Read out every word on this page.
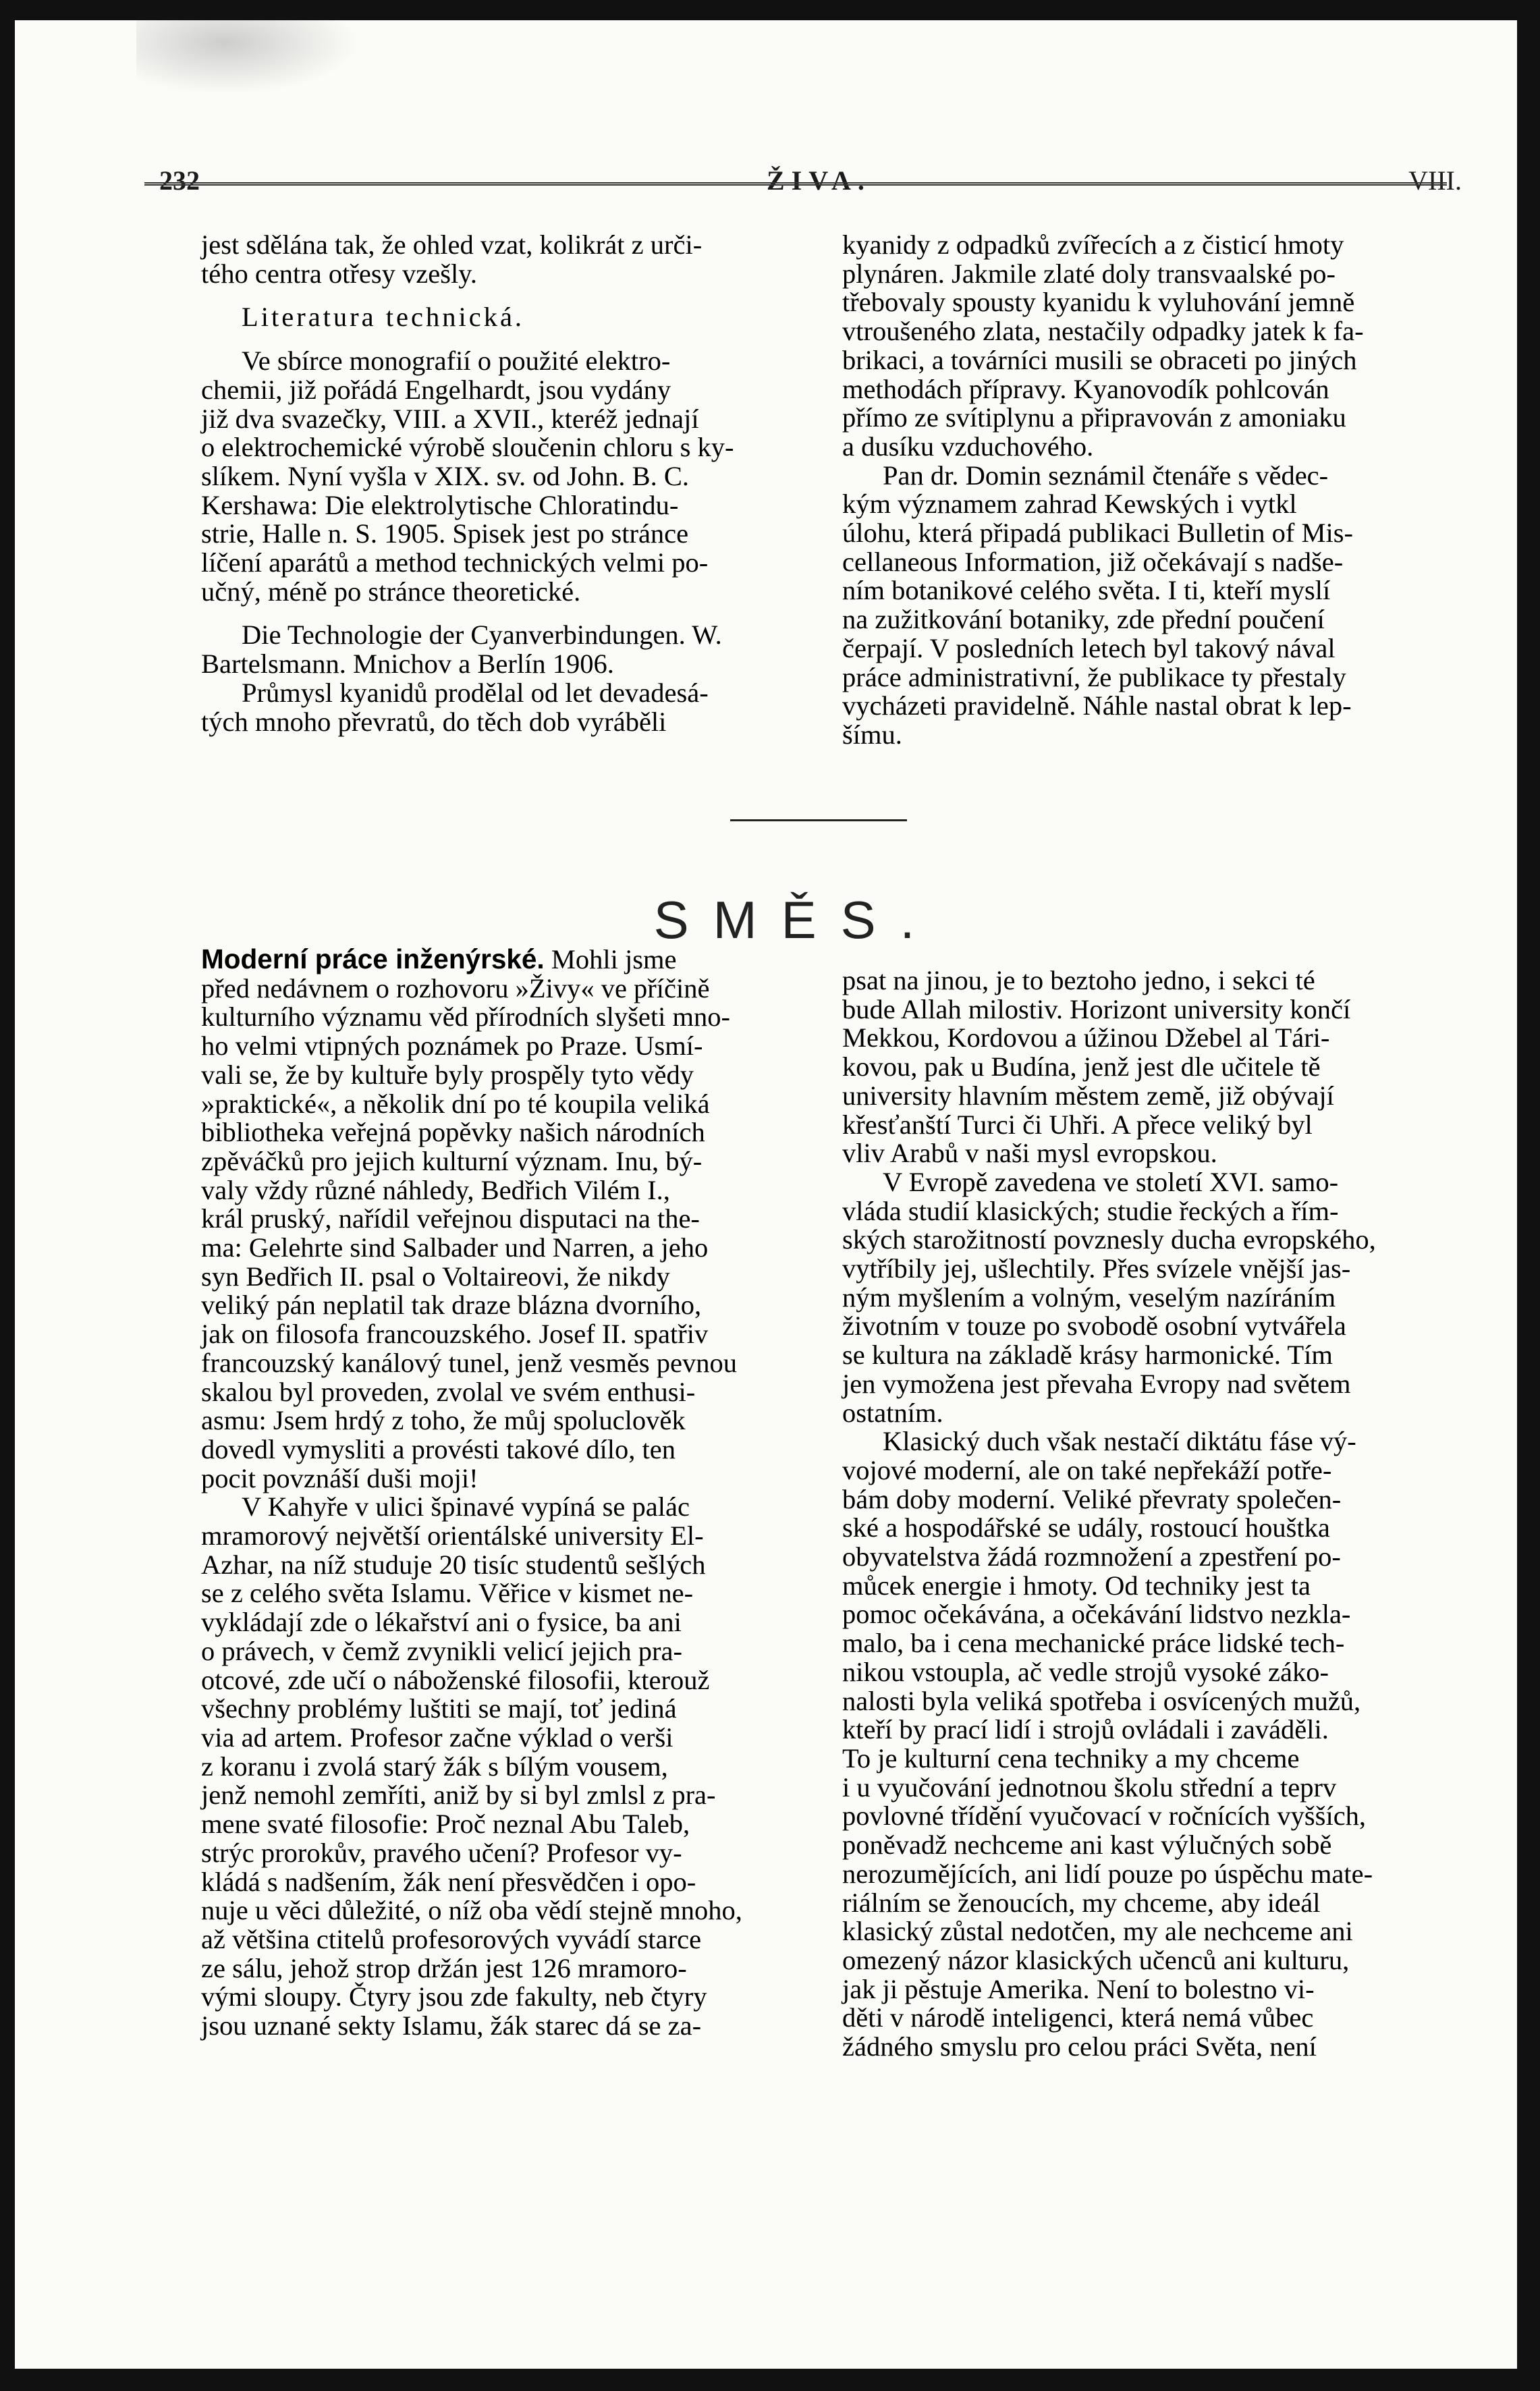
232	ŽIVA.	VIII.

jest sdělána tak, že ohled vzat, kolikrát z urči-

tého centra otřesy vzešly.

Literatura technická.

Ve sbírce monografií o použité elektro-

chemii, již pořádá Engelhardt, jsou vydány

již dva svazečky, VIII. a XVII., kteréž jednají

o elektrochemické výrobě sloučenin chloru s ky-

slíkem. Nyní vyšla v XIX. sv. od John. B. C.

Kershawa: Die elektrolytische Chloratindu-

strie, Halle n. S. 1905. Spisek jest po stránce

líčení aparátů a method technických velmi po-

učný, méně po stránce theoretické.

Die Technologie der Cyanverbindungen. W.

Bartelsmann. Mnichov a Berlín 1906.

Průmysl kyanidů prodělal od let devadesá-

tých mnoho převratů, do těch dob vyráběli

kyanidy z odpadků zvířecích a z čisticí hmoty

plynáren. Jakmile zlaté doly transvaalské po-

třebovaly spousty kyanidu k vyluhování jemně

vtroušeného zlata, nestačily odpadky jatek k fa-

brikaci, a továrníci musili se obraceti po jiných

methodách přípravy. Kyanovodík pohlcován

přímo ze svítiplynu a připravován z amoniaku

a dusíku vzduchového.

Pan dr. Domin seznámil čtenáře s vědec-

kým významem zahrad Kewských i vytkl

úlohu, která připadá publikaci Bulletin of Mis-

cellaneous Information, již očekávají s nadše-

ním botanikové celého světa. I ti, kteří myslí

na zužitkování botaniky, zde přední poučení

čerpají. V posledních letech byl takový nával

práce administrativní, že publikace ty přestaly

vycházeti pravidelně. Náhle nastal obrat k lep-

šímu.

SMĚS.

Moderní práce inženýrské. Mohli jsme

před nedávnem o rozhovoru »Živy« ve příčině

kulturního významu věd přírodních slyšeti mno-

ho velmi vtipných poznámek po Praze. Usmí-

vali se, že by kultuře byly prospěly tyto vědy

»praktické«, a několik dní po té koupila veliká

bibliotheka veřejná popěvky našich národních

zpěváčků pro jejich kulturní význam. Inu, bý-

valy vždy různé náhledy, Bedřich Vilém I.,

král pruský, nařídil veřejnou disputaci na the-

ma: Gelehrte sind Salbader und Narren, a jeho

syn Bedřich II. psal o Voltaireovi, že nikdy

veliký pán neplatil tak draze blázna dvorního,

jak on filosofa francouzského. Josef II. spatřiv

francouzský kanálový tunel, jenž vesměs pevnou

skalou byl proveden, zvolal ve svém enthusi-

asmu: Jsem hrdý z toho, že můj spoluclověk

dovedl vymysliti a provésti takové dílo, ten

pocit povznáší duši moji!

V Kahyře v ulici špinavé vypíná se palác

mramorový největší orientálské university El-

Azhar, na níž studuje 20 tisíc studentů sešlých

se z celého světa Islamu. Věřice v kismet ne-

vykládají zde o lékařství ani o fysice, ba ani

o právech, v čemž zvynikli velicí jejich pra-

otcové, zde učí o náboženské filosofii, kterouž

všechny problémy luštiti se mají, toť jediná

via ad artem. Profesor začne výklad o verši

z koranu i zvolá starý žák s bílým vousem,

jenž nemohl zemříti, aniž by si byl zmlsl z pra-

mene svaté filosofie: Proč neznal Abu Taleb,

strýc prorokův, pravého učení? Profesor vy-

kládá s nadšením, žák není přesvědčen i opo-

nuje u věci důležité, o níž oba vědí stejně mnoho,

až většina ctitelů profesorových vyvádí starce

ze sálu, jehož strop držán jest 126 mramoro-

vými sloupy. Čtyry jsou zde fakulty, neb čtyry

jsou uznané sekty Islamu, žák starec dá se za-

psat na jinou, je to beztoho jedno, i sekci té

bude Allah milostiv. Horizont university končí

Mekkou, Kordovou a úžinou Džebel al Tári-

kovou, pak u Budína, jenž jest dle učitele tě

university hlavním městem země, již obývají

křesťanští Turci či Uhři. A přece veliký byl

vliv Arabů v naši mysl evropskou.

V Evropě zavedena ve století XVI. samo-

vláda studií klasických; studie řeckých a řím-

ských starožitností povznesly ducha evropského,

vytříbily jej, ušlechtily. Přes svízele vnější jas-

ným myšlením a volným, veselým nazíráním

životním v touze po svobodě osobní vytvářela

se kultura na základě krásy harmonické. Tím

jen vymožena jest převaha Evropy nad světem

ostatním.

Klasický duch však nestačí diktátu fáse vý-

vojové moderní, ale on také nepřekáží potře-

bám doby moderní. Veliké převraty společen-

ské a hospodářské se udály, rostoucí houštka

obyvatelstva žádá rozmnožení a zpestření po-

můcek energie i hmoty. Od techniky jest ta

pomoc očekávána, a očekávání lidstvo nezkla-

malo, ba i cena mechanické práce lidské tech-

nikou vstoupla, ač vedle strojů vysoké záko-

nalosti byla veliká spotřeba i osvícených mužů,

kteří by prací lidí i strojů ovládali i zaváděli.

To je kulturní cena techniky a my chceme

i u vyučování jednotnou školu střední a teprv

povlovné třídění vyučovací v ročnících vyšších,

poněvadž nechceme ani kast výlučných sobě

nerozumějících, ani lidí pouze po úspěchu mate-

riálním se ženoucích, my chceme, aby ideál

klasický zůstal nedotčen, my ale nechceme ani

omezený názor klasických učenců ani kulturu,

jak ji pěstuje Amerika. Není to bolestno vi-

děti v národě inteligenci, která nemá vůbec

žádného smyslu pro celou práci Světa, není
